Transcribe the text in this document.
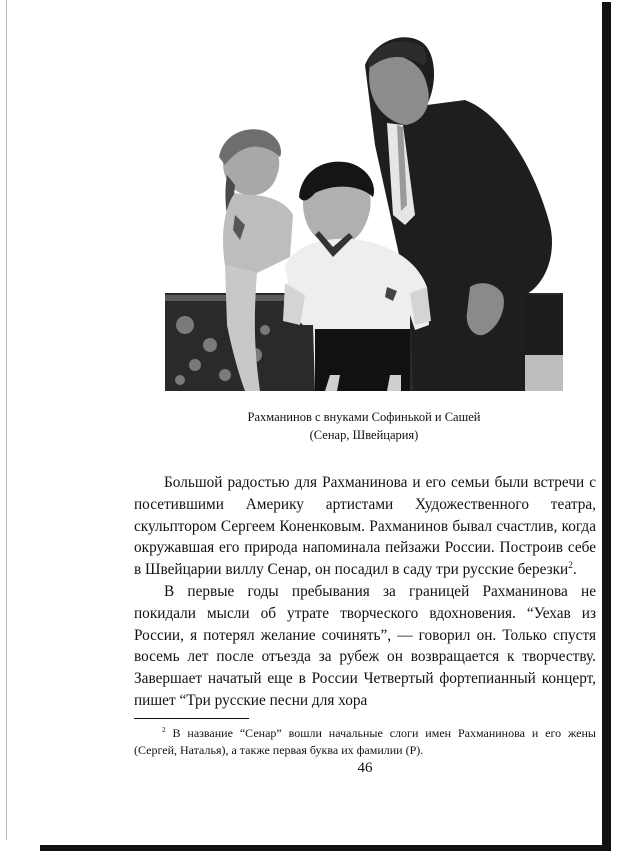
Рахманинов с внуками Софинькой и Сашей
(Сенар, Швейцария)

Большой радостью для Рахманинова и его семьи были встречи с посетившими Америку артистами Художественного театра, скульптором Сергеем Коненковым. Рахманинов бывал счастлив, когда окружавшая его природа напоминала пейзажи России. Построив себе в Швейцарии виллу Сенар, он посадил в саду три русские березки$^2$.

В первые годы пребывания за границей Рахманинова не покидали мысли об утрате творческого вдохновения. “Уехав из России, я потерял желание сочинять”, — говорил он. Только спустя восемь лет после отъезда за рубеж он возвращается к творчеству. Завершает начатый еще в России Четвертый фортепианный концерт, пишет “Три русские песни для хора

$^2$ В название “Сенар” вошли начальные слоги имен Рахманинова и его жены (Сергей, Наталья), а также первая буква их фамилии (Р).

46
